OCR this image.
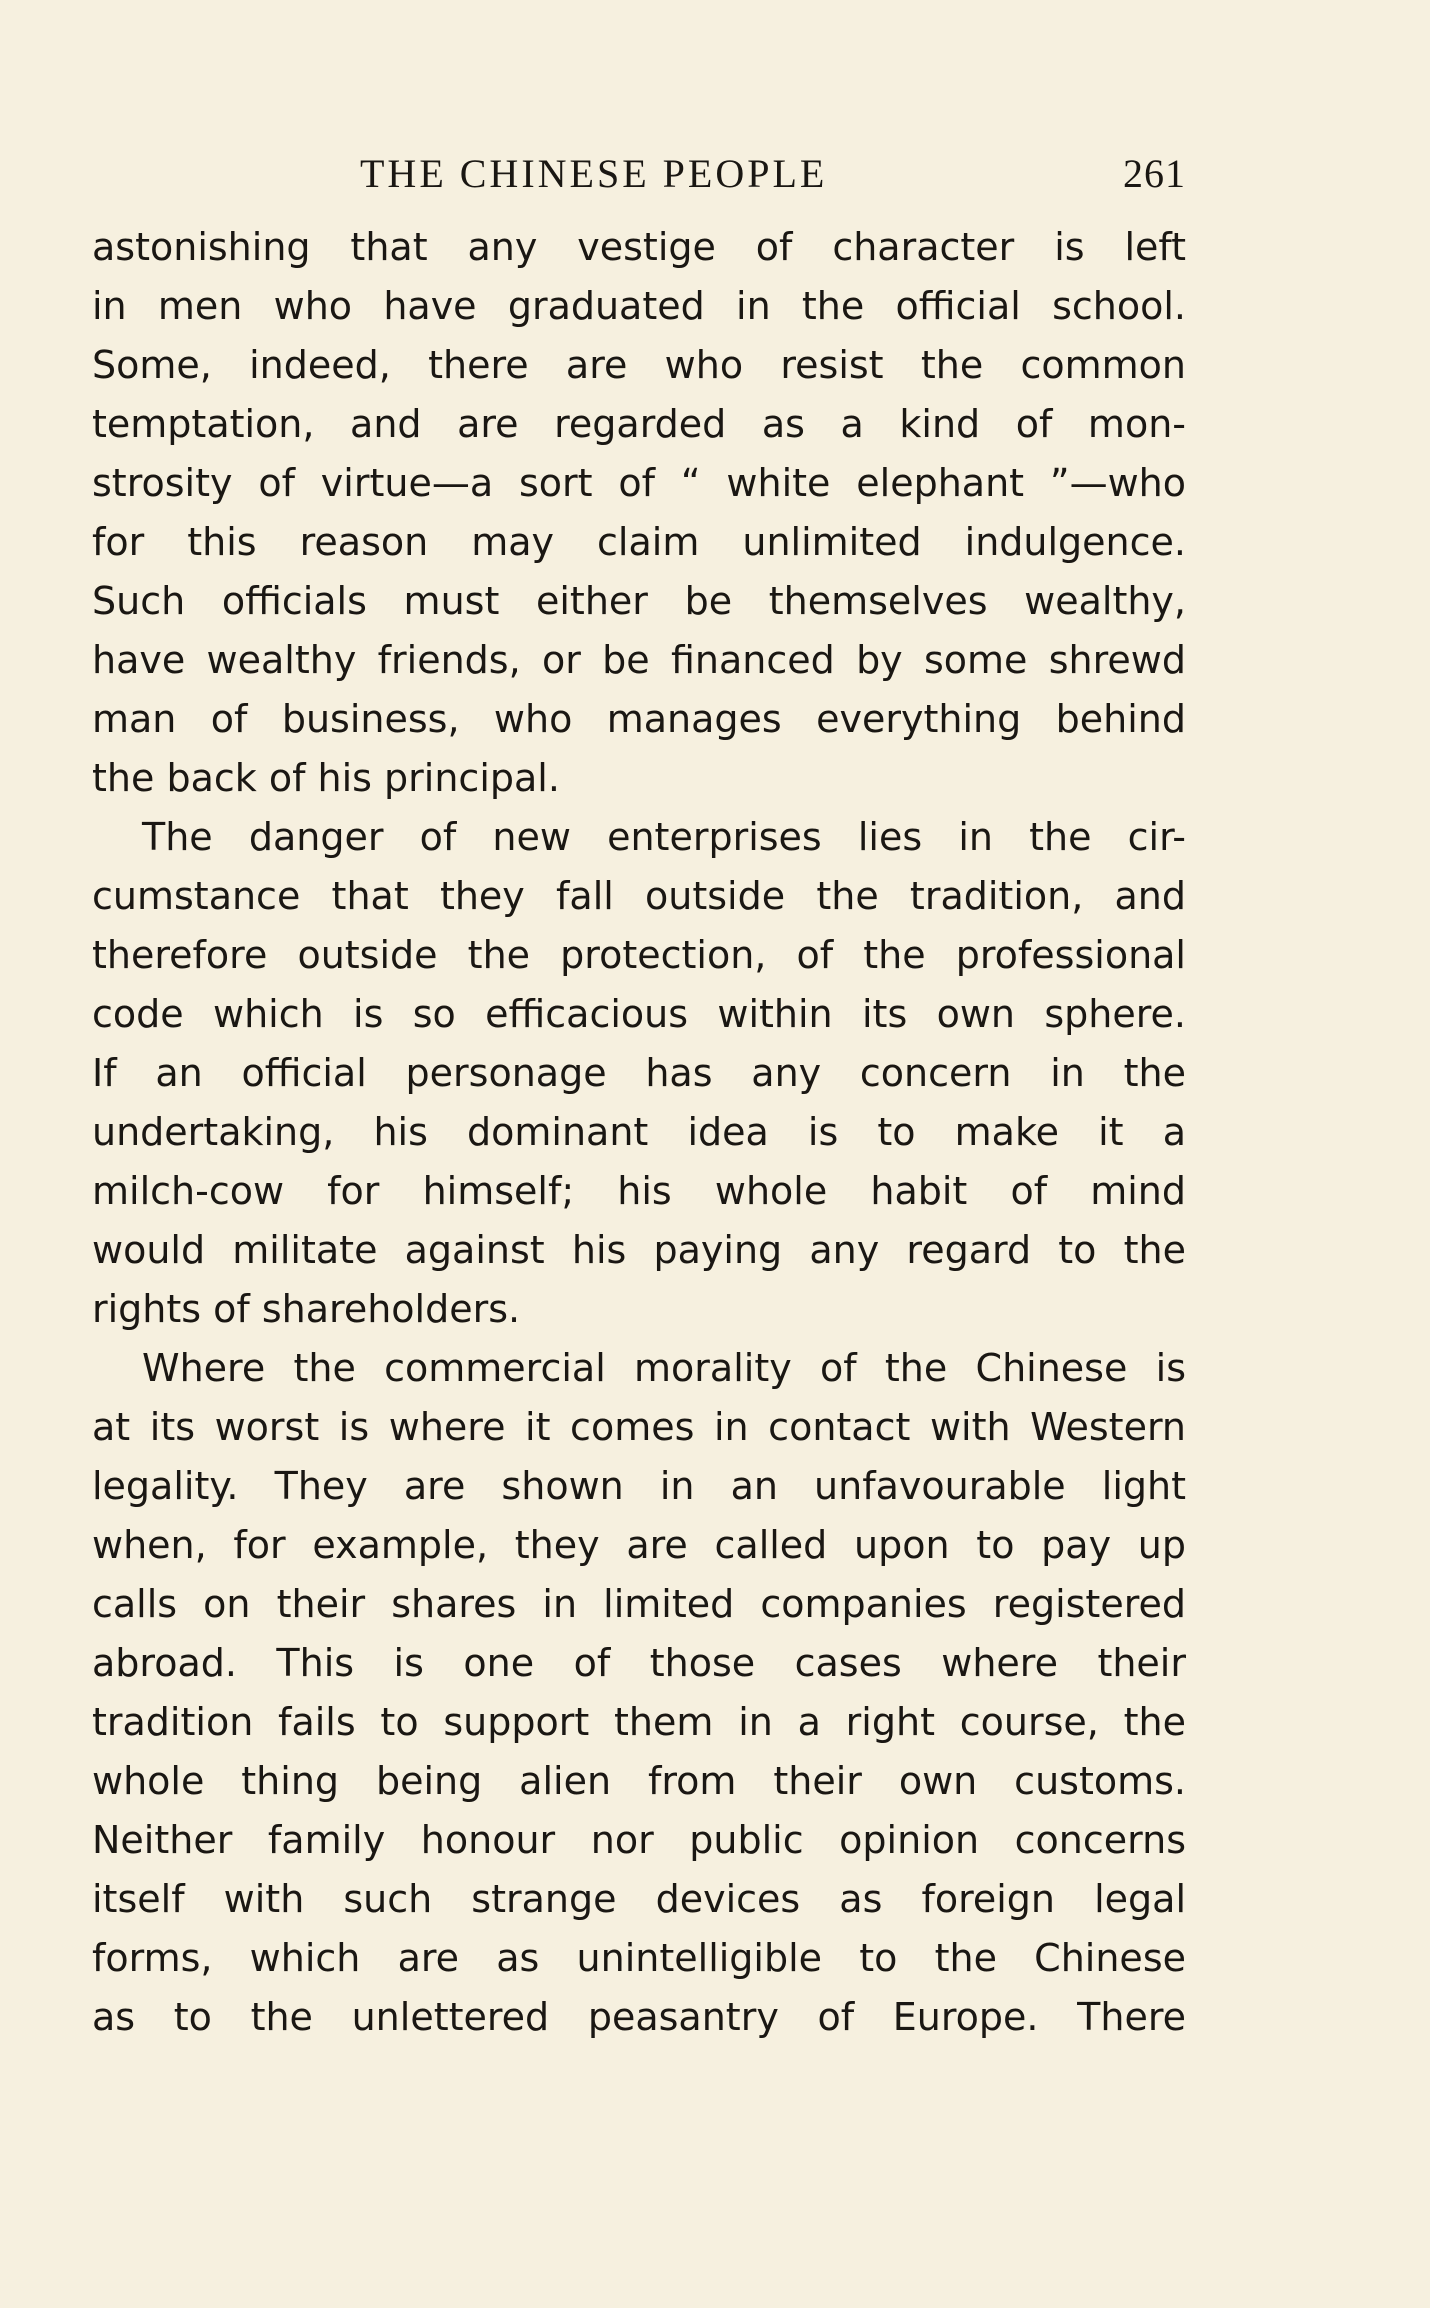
THE CHINESE PEOPLE	261
astonishing that any vestige of character is left
in men who have graduated in the official school.
Some, indeed, there are who resist the common
temptation, and are regarded as a kind of mon-
strosity of virtue—a sort of “ white elephant ”—who
for this reason may claim unlimited indulgence.
Such officials must either be themselves wealthy,
have wealthy friends, or be financed by some shrewd
man of business, who manages everything behind
the back of his principal.
The danger of new enterprises lies in the cir-
cumstance that they fall outside the tradition, and
therefore outside the protection, of the professional
code which is so efficacious within its own sphere.
If an official personage has any concern in the
undertaking, his dominant idea is to make it a
milch-cow for himself; his whole habit of mind
would militate against his paying any regard to the
rights of shareholders.
Where the commercial morality of the Chinese is
at its worst is where it comes in contact with Western
legality. They are shown in an unfavourable light
when, for example, they are called upon to pay up
calls on their shares in limited companies registered
abroad. This is one of those cases where their
tradition fails to support them in a right course, the
whole thing being alien from their own customs.
Neither family honour nor public opinion concerns
itself with such strange devices as foreign legal
forms, which are as unintelligible to the Chinese
as to the unlettered peasantry of Europe. There
